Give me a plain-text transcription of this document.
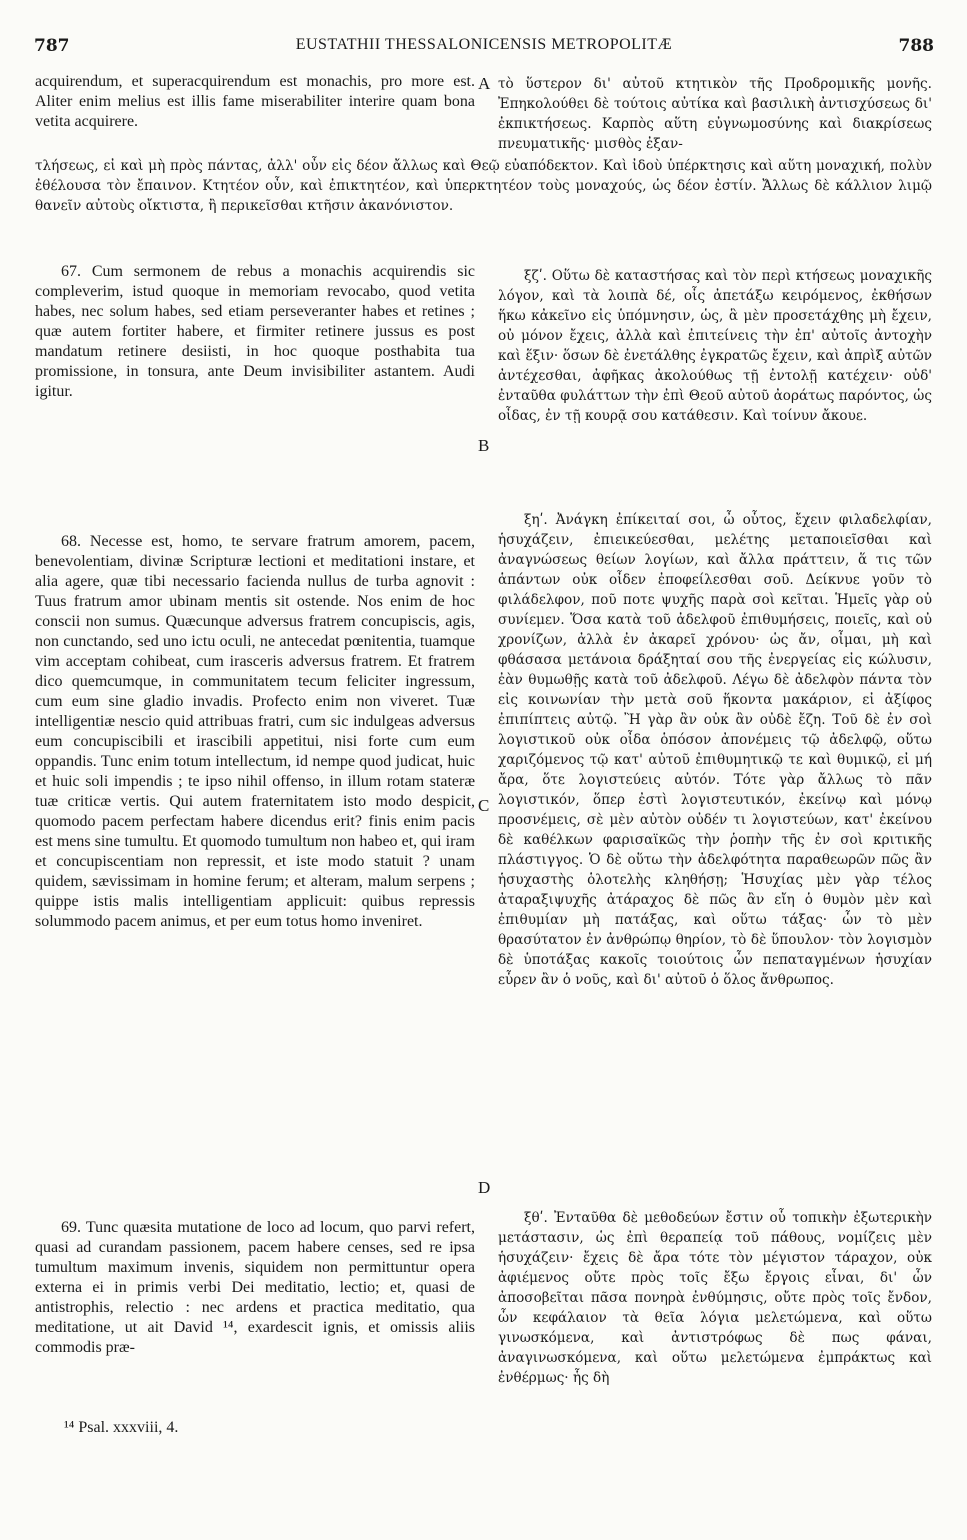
787	EUSTATHII THESSALONICENSIS METROPOLITÆ	788

acquirendum, et superacquirendum est monachis, pro more est. Aliter enim melius est illis fame miserabiliter interire quam bona vetita acquirere.

A τὸ ὕστερον δι' αὐτοῦ κτητικὸν τῆς Προδρομικῆς μονῆς. Ἐπηκολούθει δὲ τούτοις αὐτίκα καὶ βασιλικὴ ἀντισχύσεως δι' ἐκπικτήσεως. Καρπὸς αὕτη εὐγνωμοσύνης καὶ διακρίσεως πνευματικῆς· μισθὸς ἐξαν-

τλήσεως, εἰ καὶ μὴ πρὸς πάντας, ἀλλ' οὖν εἰς δέον ἄλλως καὶ Θεῷ εὐαπόδεκτον. Καὶ ἰδοὺ ὑπέρκτησις καὶ αὕτη μοναχική, πολὺν ἐθέλουσα τὸν ἔπαινον. Κτητέον οὖν, καὶ ἐπικτητέον, καὶ ὑπερκτητέον τοὺς μοναχούς, ὡς δέον ἐστίν. Ἄλλως δὲ κάλλιον λιμῷ θανεῖν αὐτοὺς οἴκτιστα, ἢ περικεῖσθαι κτῆσιν ἀκανόνιστον.

67. Cum sermonem de rebus a monachis acquirendis sic compleverim, istud quoque in memoriam revocabo, quod vetita habes, nec solum habes, sed etiam perseveranter habes et retines ; quæ autem fortiter habere, et firmiter retinere jussus es post mandatum retinere desiisti, in hoc quoque posthabita tua promissione, in tonsura, ante Deum invisibiliter astantem. Audi igitur.

ξζʹ. Οὕτω δὲ καταστήσας καὶ τὸν περὶ κτήσεως μοναχικῆς λόγον, καὶ τὰ λοιπὰ δέ, οἷς ἀπετάξω κειρόμενος, ἐκθήσων ἥκω κἀκεῖνο εἰς ὑπόμνησιν, ὡς, ἃ μὲν προσετάχθης μὴ ἔχειν, οὐ μόνον ἔχεις, ἀλλὰ καὶ ἐπιτείνεις τὴν ἐπ' αὐτοῖς ἀντοχὴν καὶ ἕξιν· ὅσων δὲ ἐνετάλθης ἐγκρατῶς ἔχειν, καὶ ἀπρὶξ αὐτῶν ἀντέχεσθαι, ἀφῆκας ἀκολούθως τῇ ἐντολῇ κατέχειν· οὐδ' ἐνταῦθα φυλάττων τὴν ἐπὶ Θεοῦ αὐτοῦ ἀοράτως παρόντος, ὡς οἶδας, ἐν τῇ κουρᾷ σου κατάθεσιν. Καὶ τοίνυν ἄκουε.

B

68. Necesse est, homo, te servare fratrum amorem, pacem, benevolentiam, divinæ Scripturæ lectioni et meditationi instare, et alia agere, quæ tibi necessario facienda nullus de turba agnovit : Tuus fratrum amor ubinam mentis sit ostende. Nos enim de hoc conscii non sumus. Quæcunque adversus fratrem concupiscis, agis, non cunctando, sed uno ictu oculi, ne antecedat pœnitentia, tuamque vim acceptam cohibeat, cum irasceris adversus fratrem. Et fratrem dico quemcumque, in communitatem tecum feliciter ingressum, cum eum sine gladio invadis. Profecto enim non viveret. Tuæ intelligentiæ nescio quid attribuas fratri, cum sic indulgeas adversus eum concupiscibili et irascibili appetitui, nisi forte cum eum oppandis. Tunc enim totum intellectum, id nempe quod judicat, huic et huic soli impendis ; te ipso nihil offenso, in illum rotam stateræ tuæ criticæ vertis. Qui autem fraternitatem isto modo despicit, quomodo pacem perfectam habere dicendus erit? finis enim pacis est mens sine tumultu. Et quomodo tumultum non habeo et, qui iram et concupiscentiam non repressit, et iste modo statuit ? unam quidem, sævissimam in homine ferum; et alteram, malum serpens ; quippe istis malis intelligentiam applicuit: quibus repressis solummodo pacem animus, et per eum totus homo inveniret.

ξηʹ. Ἀνάγκη ἐπίκειταί σοι, ὦ οὗτος, ἔχειν φιλαδελφίαν, ἡσυχάζειν, ἐπιεικεύεσθαι, μελέτης μεταποιεῖσθαι καὶ ἀναγνώσεως θείων λογίων, καὶ ἄλλα πράττειν, ἅ τις τῶν ἁπάντων οὐκ οἶδεν ἐποφείλεσθαι σοῦ. Δείκνυε γοῦν τὸ φιλάδελφον, ποῦ ποτε ψυχῆς παρὰ σοὶ κεῖται. Ἡμεῖς γὰρ οὐ συνίεμεν. Ὅσα κατὰ τοῦ ἀδελφοῦ ἐπιθυμήσεις, ποιεῖς, καὶ οὐ χρονίζων, ἀλλὰ ἐν ἀκαρεῖ χρόνου· ὡς ἄν, οἶμαι, μὴ καὶ φθάσασα μετάνοια δράξηταί σου τῆς ἐνεργείας εἰς κώλυσιν, ἐὰν θυμωθῇς κατὰ τοῦ ἀδελφοῦ. Λέγω δὲ ἀδελφὸν πάντα τὸν εἰς κοινωνίαν τὴν μετὰ σοῦ ἥκοντα μακάριον, εἰ ἀξίφος ἐπιπίπτεις αὐτῷ. Ἢ γὰρ ἂν οὐκ ἂν οὐδὲ ἔζη. Τοῦ δὲ ἐν σοὶ λογιστικοῦ οὐκ οἶδα ὁπόσον ἀπονέμεις τῷ ἀδελφῷ, οὕτω χαριζόμενος τῷ κατ' αὐτοῦ ἐπιθυμητικῷ τε καὶ θυμικῷ, εἰ μή ἄρα, ὅτε λογιστεύεις αὐτόν. Τότε γὰρ ἄλλως τὸ πᾶν λογιστικόν, ὅπερ ἐστὶ λογιστευτικόν, ἐκείνῳ καὶ μόνῳ προσνέμεις, σὲ μὲν αὐτὸν οὐδέν τι λογιστεύων, κατ' ἐκείνου δὲ καθέλκων φαρισαϊκῶς τὴν ῥοπὴν τῆς ἐν σοὶ κριτικῆς πλάστιγγος. Ὁ δὲ οὕτω τὴν ἀδελφότητα παραθεωρῶν πῶς ἂν ἡσυχαστὴς ὁλοτελὴς κληθήσῃ; Ἡσυχίας μὲν γὰρ τέλος ἀταραξιψυχῆς ἀτάραχος δὲ πῶς ἂν εἴη ὁ θυμὸν μὲν καὶ ἐπιθυμίαν μὴ πατάξας, καὶ οὕτω τάξας· ὧν τὸ μὲν θρασύτατον ἐν ἀνθρώπῳ θηρίον, τὸ δὲ ὕπουλον· τὸν λογισμὸν δὲ ὑποτάξας κακοῖς τοιούτοις ὧν πεπαταγμένων ἡσυχίαν εὗρεν ἂν ὁ νοῦς, καὶ δι' αὐτοῦ ὁ ὅλος ἄνθρωπος.

C
D

69. Tunc quæsita mutatione de loco ad locum, quo parvi refert, quasi ad curandam passionem, pacem habere censes, sed re ipsa tumultum maximum invenis, siquidem non permittuntur opera externa ei in primis verbi Dei meditatio, lectio; et, quasi de antistrophis, relectio : nec ardens et practica meditatio, qua meditatione, ut ait David ¹⁴, exardescit ignis, et omissis aliis commodis præ-

ξθʹ. Ἐνταῦθα δὲ μεθοδεύων ἔστιν οὗ τοπικὴν ἐξωτερικὴν μετάστασιν, ὡς ἐπὶ θεραπείᾳ τοῦ πάθους, νομίζεις μὲν ἡσυχάζειν· ἔχεις δὲ ἄρα τότε τὸν μέγιστον τάραχον, οὐκ ἀφιέμενος οὔτε πρὸς τοῖς ἔξω ἔργοις εἶναι, δι' ὧν ἀποσοβεῖται πᾶσα πονηρὰ ἐνθύμησις, οὔτε πρὸς τοῖς ἔνδον, ὧν κεφάλαιον τὰ θεῖα λόγια μελετώμενα, καὶ οὕτω γινωσκόμενα, καὶ ἀντιστρόφως δὲ πως φάναι, ἀναγινωσκόμενα, καὶ οὕτω μελετώμενα ἐμπράκτως καὶ ἐνθέρμως· ἧς δὴ

¹⁴ Psal. xxxviii, 4.
